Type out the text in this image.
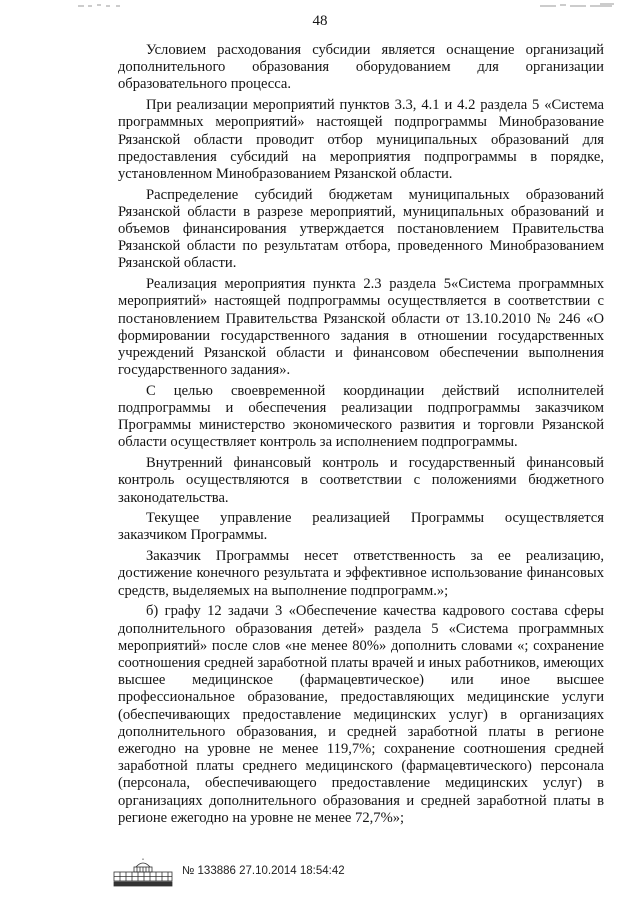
48

Условием расходования субсидии является оснащение организаций дополнительного образования оборудованием для организации образовательного процесса.

При реализации мероприятий пунктов 3.3, 4.1 и 4.2 раздела 5 «Система программных мероприятий» настоящей подпрограммы Минобразование Рязанской области проводит отбор муниципальных образований для предоставления субсидий на мероприятия подпрограммы в порядке, установленном Минобразованием Рязанской области.

Распределение субсидий бюджетам муниципальных образований Рязанской области в разрезе мероприятий, муниципальных образований и объемов финансирования утверждается постановлением Правительства Рязанской области по результатам отбора, проведенного Минобразованием Рязанской области.

Реализация мероприятия пункта 2.3 раздела 5«Система программных мероприятий» настоящей подпрограммы осуществляется в соответствии с постановлением Правительства Рязанской области от 13.10.2010 № 246 «О формировании государственного задания в отношении государственных учреждений Рязанской области и финансовом обеспечении выполнения государственного задания».

С целью своевременной координации действий исполнителей подпрограммы и обеспечения реализации подпрограммы заказчиком Программы министерство экономического развития и торговли Рязанской области осуществляет контроль за исполнением подпрограммы.

Внутренний финансовый контроль и государственный финансовый контроль осуществляются в соответствии с положениями бюджетного законодательства.

Текущее управление реализацией Программы осуществляется заказчиком Программы.

Заказчик Программы несет ответственность за ее реализацию, достижение конечного результата и эффективное использование финансовых средств, выделяемых на выполнение подпрограмм.»;

б) графу 12 задачи 3 «Обеспечение качества кадрового состава сферы дополнительного образования детей» раздела 5 «Система программных мероприятий» после слов «не менее 80%» дополнить словами «; сохранение соотношения средней заработной платы врачей и иных работников, имеющих высшее медицинское (фармацевтическое) или иное высшее профессиональное образование, предоставляющих медицинские услуги (обеспечивающих предоставление медицинских услуг) в организациях дополнительного образования, и средней заработной платы в регионе ежегодно на уровне не менее 119,7%; сохранение соотношения средней заработной платы среднего медицинского (фармацевтического) персонала (персонала, обеспечивающего предоставление медицинских услуг) в организациях дополнительного образования и средней заработной платы в регионе ежегодно на уровне не менее 72,7%»;

№ 133886 27.10.2014 18:54:42
